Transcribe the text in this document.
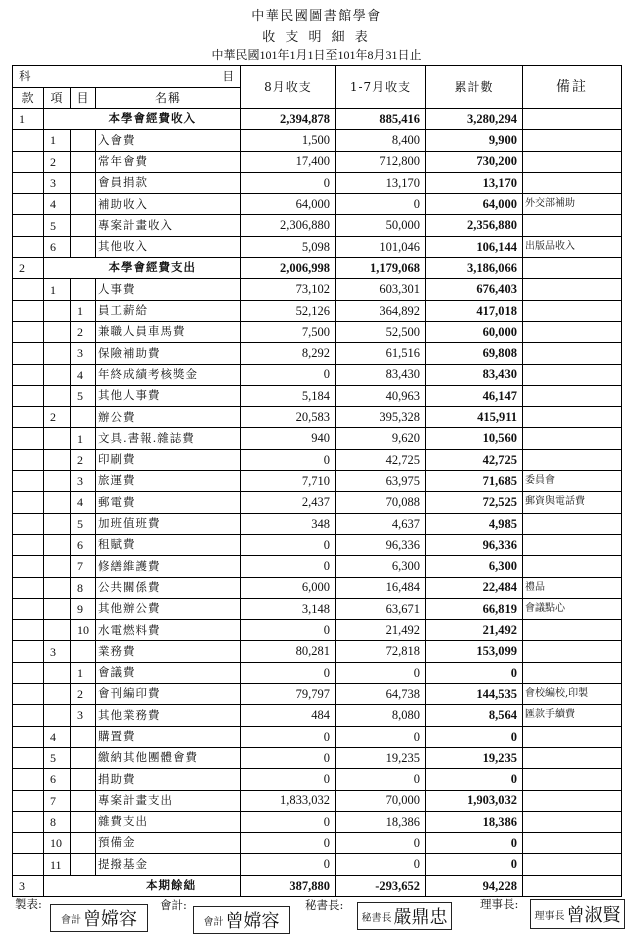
中華民國圖書館學會
收 支 明 細 表
中華民國101年1月1日至101年8月31日止
科 目				8月收支	1-7月收支	累計數	備註
款	項	目	名稱				
1	本學會經費收入			2,394,878	885,416	3,280,294	
	1		入會費	1,500	8,400	9,900	
	2		常年會費	17,400	712,800	730,200	
	3		會員捐款	0	13,170	13,170	
	4		補助收入	64,000	0	64,000	外交部補助
	5		專案計畫收入	2,306,880	50,000	2,356,880	
	6		其他收入	5,098	101,046	106,144	出版品收入
2	本學會經費支出			2,006,998	1,179,068	3,186,066	
	1		人事費	73,102	603,301	676,403	
		1	員工薪給	52,126	364,892	417,018	
		2	兼職人員車馬費	7,500	52,500	60,000	
		3	保險補助費	8,292	61,516	69,808	
		4	年終成績考核獎金	0	83,430	83,430	
		5	其他人事費	5,184	40,963	46,147	
	2		辦公費	20,583	395,328	415,911	
		1	文具.書報.雜誌費	940	9,620	10,560	
		2	印刷費	0	42,725	42,725	
		3	旅運費	7,710	63,975	71,685	委員會
		4	郵電費	2,437	70,088	72,525	郵資與電話費
		5	加班值班費	348	4,637	4,985	
		6	租賦費	0	96,336	96,336	
		7	修繕維護費	0	6,300	6,300	
		8	公共關係費	6,000	16,484	22,484	禮品
		9	其他辦公費	3,148	63,671	66,819	會議點心
		10	水電燃料費	0	21,492	21,492	
	3		業務費	80,281	72,818	153,099	
		1	會議費	0	0	0	
		2	會刊編印費	79,797	64,738	144,535	會校編校,印製
		3	其他業務費	484	8,080	8,564	匯款手續費
	4		購置費	0	0	0	
	5		繳納其他團體會費	0	19,235	19,235	
	6		捐助費	0	0	0	
	7		專案計畫支出	1,833,032	70,000	1,903,032	
	8		雜費支出	0	18,386	18,386	
	10		預備金	0	0	0	
	11		提撥基金	0	0	0	
3	本期餘絀			387,880	-293,652	94,228	
製表:
會計 曾嫦容
會計:
會計 曾嫦容
秘書長:
秘書長 嚴鼎忠
理事長:
理事長 曾淑賢
